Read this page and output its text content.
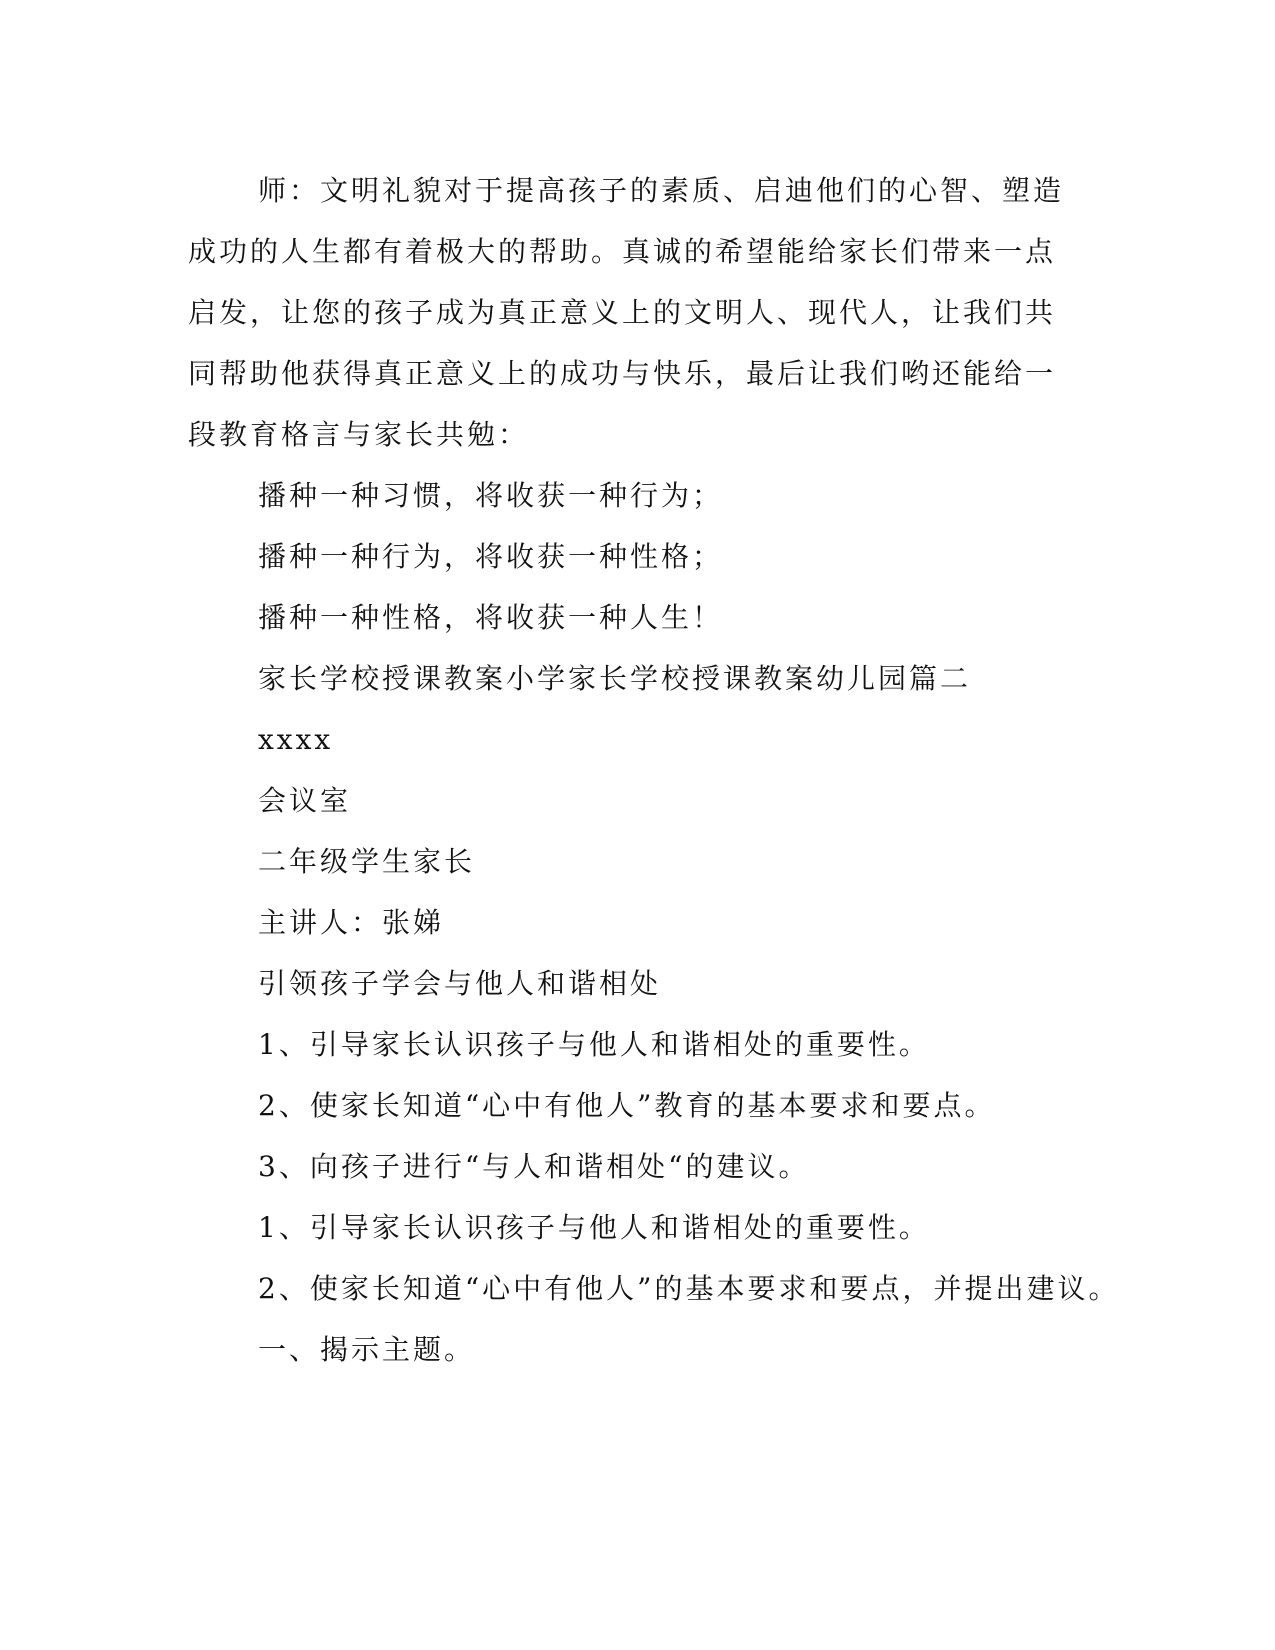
师：文明礼貌对于提高孩子的素质、启迪他们的心智、塑造成功的人生都有着极大的帮助。真诚的希望能给家长们带来一点启发，让您的孩子成为真正意义上的文明人、现代人，让我们共同帮助他获得真正意义上的成功与快乐，最后让我们哟还能给一段教育格言与家长共勉：

播种一种习惯，将收获一种行为；

播种一种行为，将收获一种性格；

播种一种性格，将收获一种人生！

家长学校授课教案小学家长学校授课教案幼儿园篇二

xxxx

会议室

二年级学生家长

主讲人：张娣

引领孩子学会与他人和谐相处

1、引导家长认识孩子与他人和谐相处的重要性。

2、使家长知道“心中有他人”教育的基本要求和要点。

3、向孩子进行“与人和谐相处“的建议。

1、引导家长认识孩子与他人和谐相处的重要性。

2、使家长知道“心中有他人”的基本要求和要点，并提出建议。

一、揭示主题。
